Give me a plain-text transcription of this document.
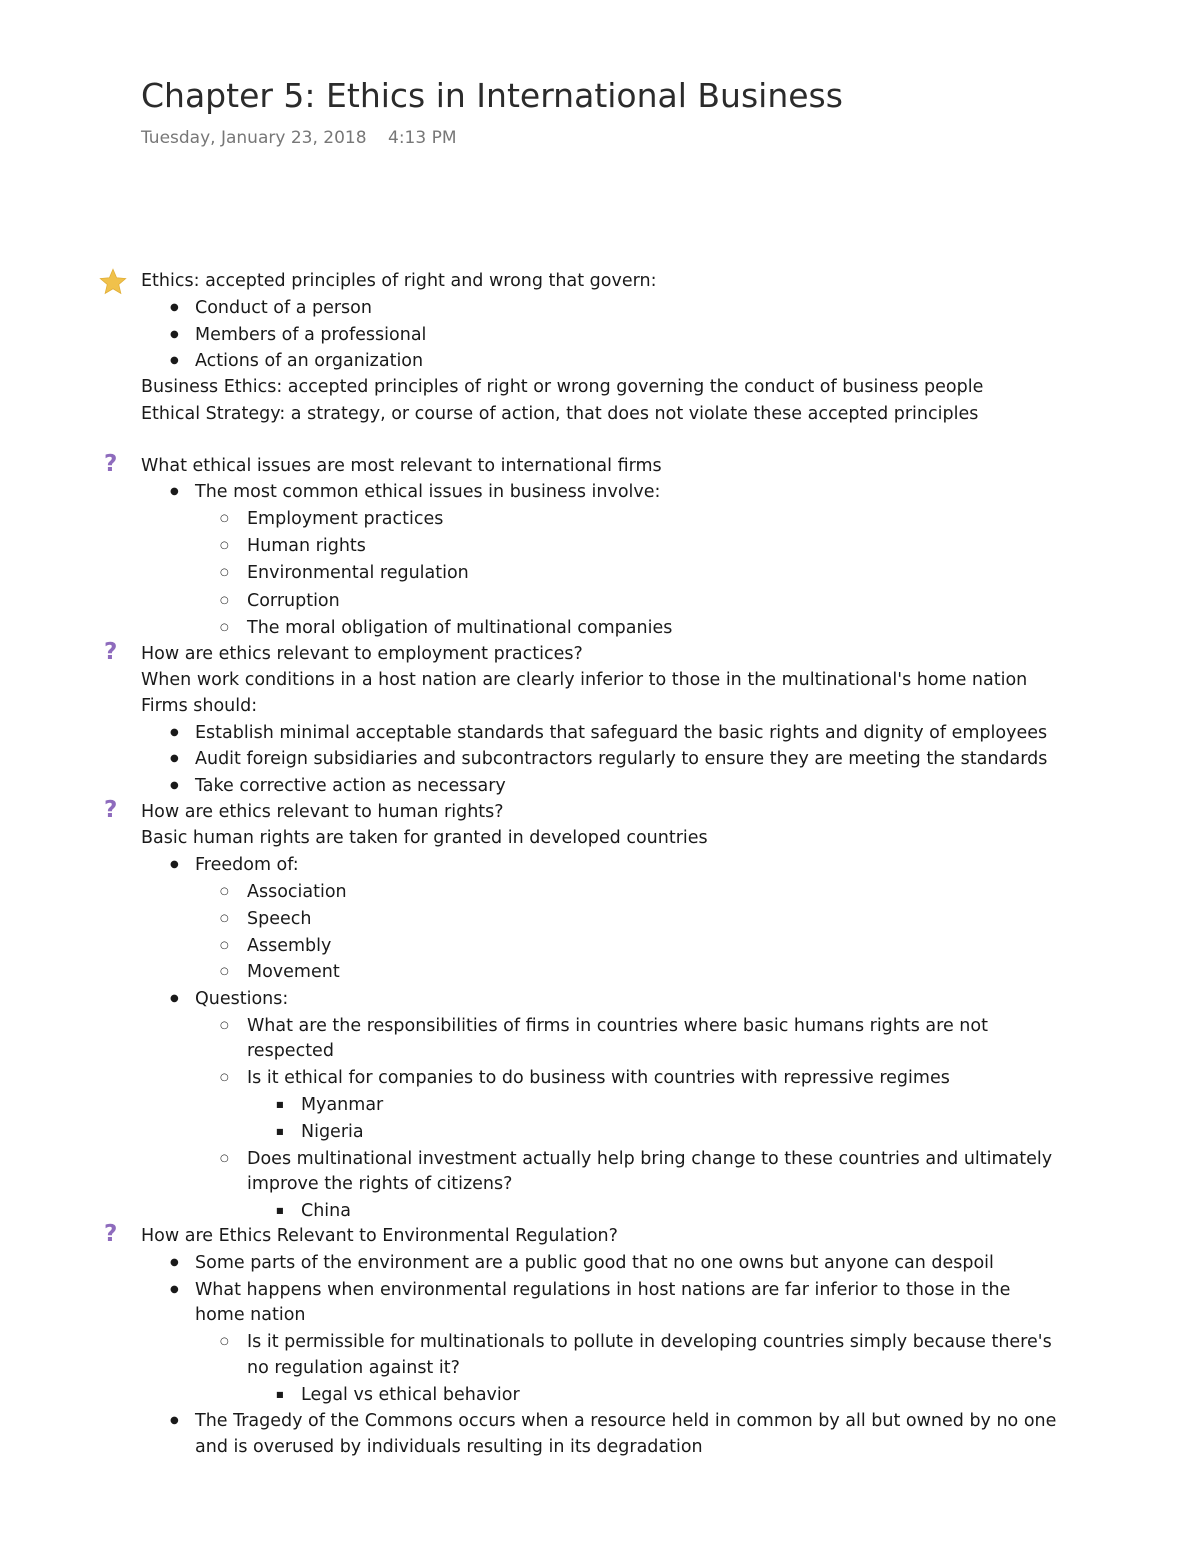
Chapter 5: Ethics in International Business
Tuesday, January 23, 2018 4:13 PM
Ethics: accepted principles of right and wrong that govern:
● Conduct of a person
● Members of a professional
● Actions of an organization
Business Ethics: accepted principles of right or wrong governing the conduct of business people
Ethical Strategy: a strategy, or course of action, that does not violate these accepted principles
? What ethical issues are most relevant to international firms
● The most common ethical issues in business involve:
○ Employment practices
○ Human rights
○ Environmental regulation
○ Corruption
○ The moral obligation of multinational companies
? How are ethics relevant to employment practices?
When work conditions in a host nation are clearly inferior to those in the multinational's home nation
Firms should:
● Establish minimal acceptable standards that safeguard the basic rights and dignity of employees
● Audit foreign subsidiaries and subcontractors regularly to ensure they are meeting the standards
● Take corrective action as necessary
? How are ethics relevant to human rights?
Basic human rights are taken for granted in developed countries
● Freedom of:
○ Association
○ Speech
○ Assembly
○ Movement
● Questions:
○ What are the responsibilities of firms in countries where basic humans rights are not
respected
○ Is it ethical for companies to do business with countries with repressive regimes
■ Myanmar
■ Nigeria
○ Does multinational investment actually help bring change to these countries and ultimately
improve the rights of citizens?
■ China
? How are Ethics Relevant to Environmental Regulation?
● Some parts of the environment are a public good that no one owns but anyone can despoil
● What happens when environmental regulations in host nations are far inferior to those in the
home nation
○ Is it permissible for multinationals to pollute in developing countries simply because there's
no regulation against it?
■ Legal vs ethical behavior
● The Tragedy of the Commons occurs when a resource held in common by all but owned by no one
and is overused by individuals resulting in its degradation
